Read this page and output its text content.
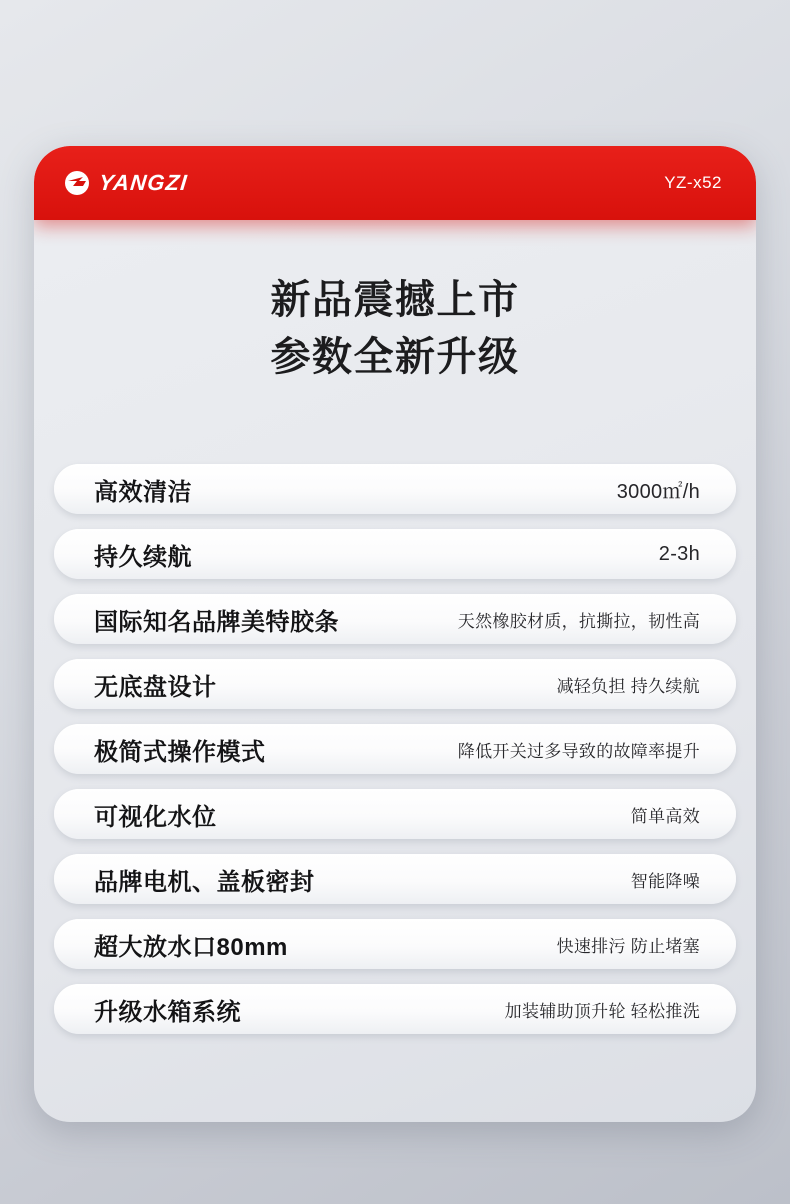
YANGZI	YZ-x52
新品震撼上市
参数全新升级
高效清洁	3000㎡/h
持久续航	2-3h
国际知名品牌美特胶条	天然橡胶材质，抗撕拉，韧性高
无底盘设计	减轻负担 持久续航
极简式操作模式	降低开关过多导致的故障率提升
可视化水位	简单高效
品牌电机、盖板密封	智能降噪
超大放水口80mm	快速排污 防止堵塞
升级水箱系统	加装辅助顶升轮 轻松推洗
